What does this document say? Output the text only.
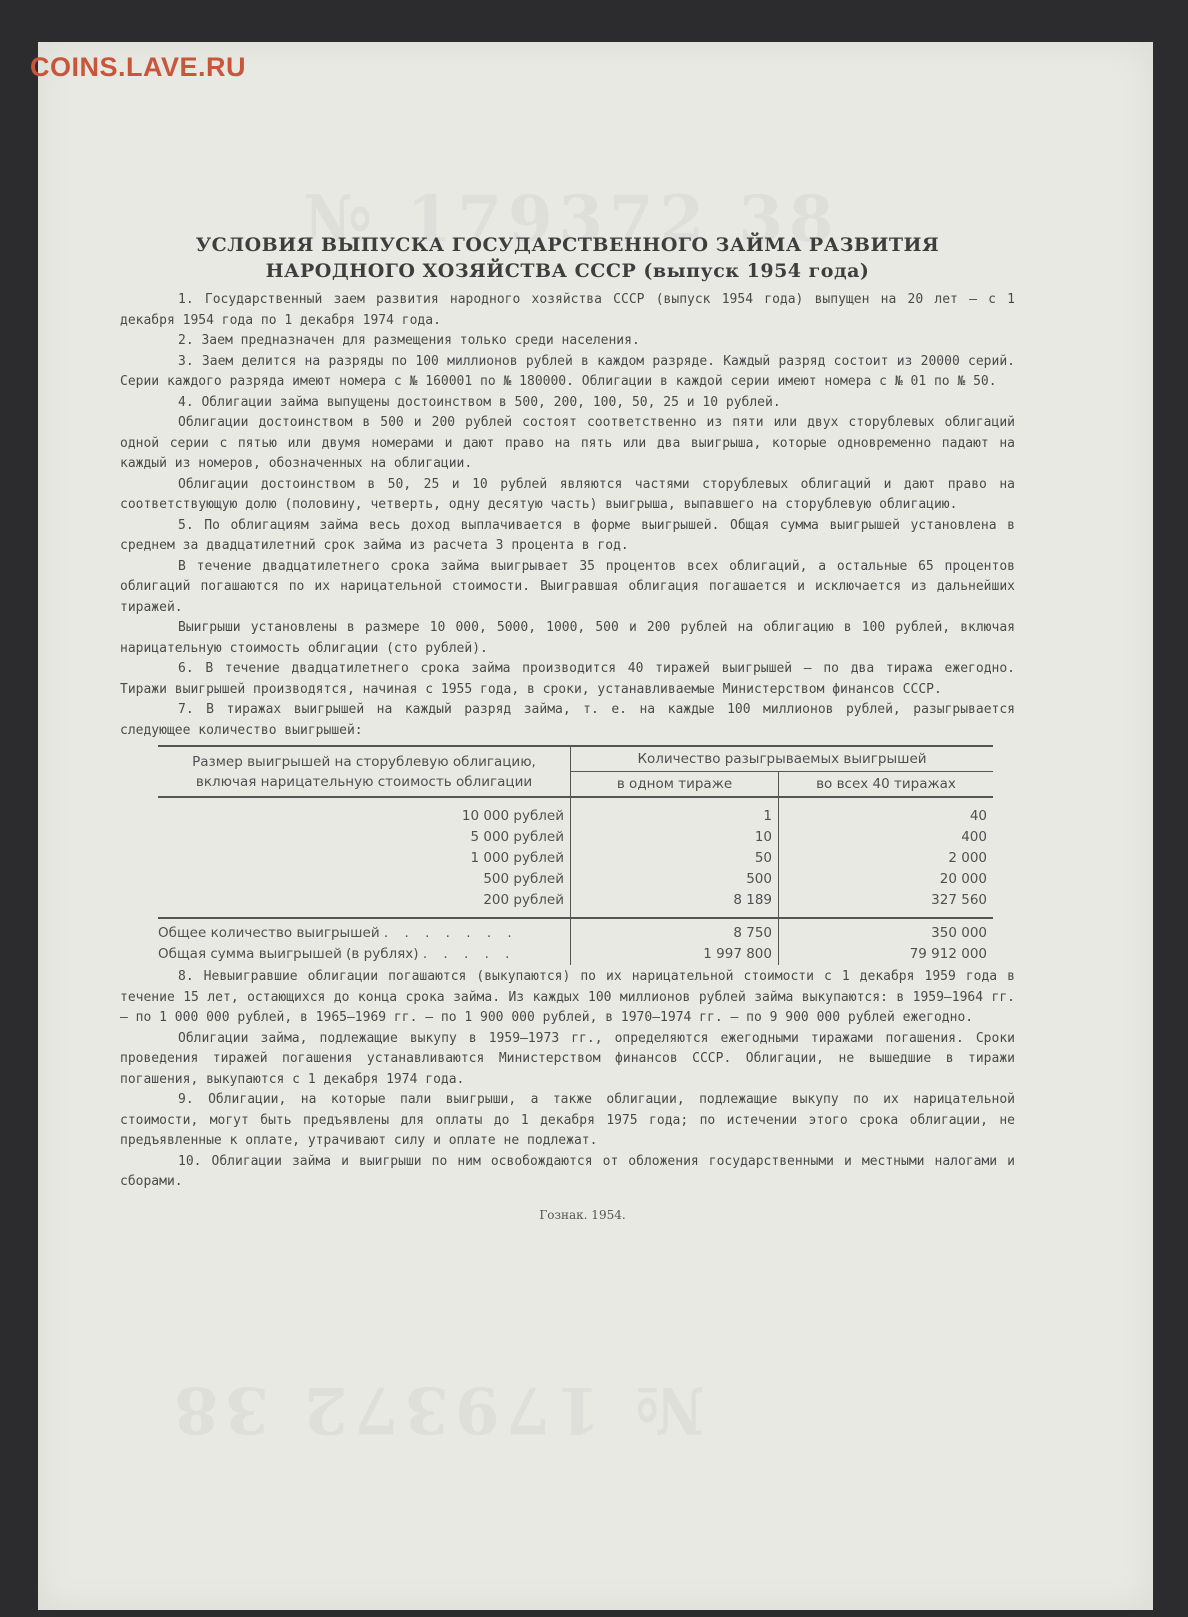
COINS.LAVE.RU
УСЛОВИЯ ВЫПУСКА ГОСУДАРСТВЕННОГО ЗАЙМА РАЗВИТИЯ
НАРОДНОГО ХОЗЯЙСТВА СССР (выпуск 1954 года)

1. Государственный заем развития народного хозяйства СССР (выпуск 1954 года) выпущен на 20 лет — с 1 декабря 1954 года по 1 декабря 1974 года.

2. Заем предназначен для размещения только среди населения.

3. Заем делится на разряды по 100 миллионов рублей в каждом разряде. Каждый разряд состоит из 20000 серий. Серии каждого разряда имеют номера с № 160001 по № 180000. Облигации в каждой серии имеют номера с № 01 по № 50.

4. Облигации займа выпущены достоинством в 500, 200, 100, 50, 25 и 10 рублей.

Облигации достоинством в 500 и 200 рублей состоят соответственно из пяти или двух сторублевых облигаций одной серии с пятью или двумя номерами и дают право на пять или два выигрыша, которые одновременно падают на каждый из номеров, обозначенных на облигации.

Облигации достоинством в 50, 25 и 10 рублей являются частями сторублевых облигаций и дают право на соответствующую долю (половину, четверть, одну десятую часть) выигрыша, выпавшего на сторублевую облигацию.

5. По облигациям займа весь доход выплачивается в форме выигрышей. Общая сумма выигрышей установлена в среднем за двадцатилетний срок займа из расчета 3 процента в год.

В течение двадцатилетнего срока займа выигрывает 35 процентов всех облигаций, а остальные 65 процентов облигаций погашаются по их нарицательной стоимости. Выигравшая облигация погашается и исключается из дальнейших тиражей.

Выигрыши установлены в размере 10 000, 5000, 1000, 500 и 200 рублей на облигацию в 100 рублей, включая нарицательную стоимость облигации (сто рублей).

6. В течение двадцатилетнего срока займа производится 40 тиражей выигрышей — по два тиража ежегодно. Тиражи выигрышей производятся, начиная с 1955 года, в сроки, устанавливаемые Министерством финансов СССР.

7. В тиражах выигрышей на каждый разряд займа, т. е. на каждые 100 миллионов рублей, разыгрывается следующее количество выигрышей:

Размер выигрышей на сторублевую облигацию, включая нарицательную стоимость облигации	Количество разыгрываемых выигрышей	
	в одном тираже	во всех 40 тиражах
10 000 рублей	1	40
5 000 рублей	10	400
1 000 рублей	50	2 000
500 рублей	500	20 000
200 рублей	8 189	327 560
Общее количество выигрышей . . . . . . .	8 750	350 000
Общая сумма выигрышей (в рублях) . . . . .	1 997 800	79 912 000

8. Невыигравшие облигации погашаются (выкупаются) по их нарицательной стоимости с 1 декабря 1959 года в течение 15 лет, остающихся до конца срока займа. Из каждых 100 миллионов рублей займа выкупаются: в 1959—1964 гг. — по 1 000 000 рублей, в 1965—1969 гг. — по 1 900 000 рублей, в 1970—1974 гг. — по 9 900 000 рублей ежегодно.

Облигации займа, подлежащие выкупу в 1959—1973 гг., определяются ежегодными тиражами погашения. Сроки проведения тиражей погашения устанавливаются Министерством финансов СССР. Облигации, не вышедшие в тиражи погашения, выкупаются с 1 декабря 1974 года.

9. Облигации, на которые пали выигрыши, а также облигации, подлежащие выкупу по их нарицательной стоимости, могут быть предъявлены для оплаты до 1 декабря 1975 года; по истечении этого срока облигации, не предъявленные к оплате, утрачивают силу и оплате не подлежат.

10. Облигации займа и выигрыши по ним освобождаются от обложения государственными и местными налогами и сборами.

Гознак. 1954.
